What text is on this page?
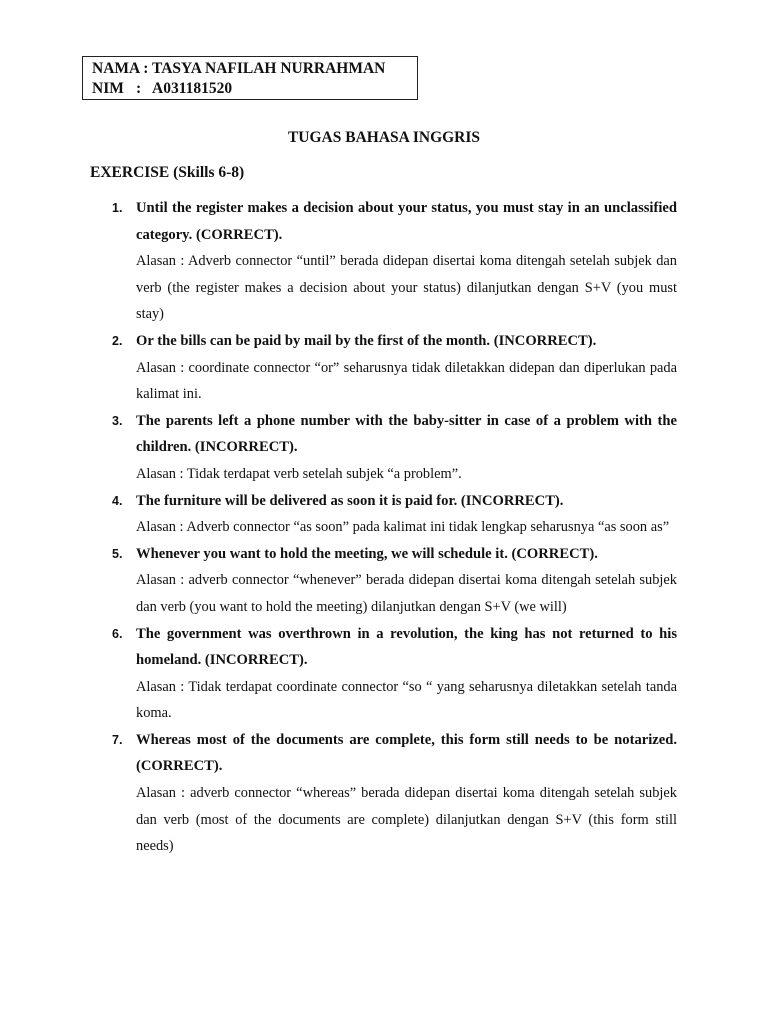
NAMA : TASYA NAFILAH NURRAHMAN
NIM : A031181520
TUGAS BAHASA INGGRIS
EXERCISE (Skills 6-8)
1. Until the register makes a decision about your status, you must stay in an unclassified category. (CORRECT).
Alasan : Adverb connector “until” berada didepan disertai koma ditengah setelah subjek dan verb (the register makes a decision about your status) dilanjutkan dengan S+V (you must stay)
2. Or the bills can be paid by mail by the first of the month. (INCORRECT).
Alasan : coordinate connector “or” seharusnya tidak diletakkan didepan dan diperlukan pada kalimat ini.
3. The parents left a phone number with the baby-sitter in case of a problem with the children. (INCORRECT).
Alasan : Tidak terdapat verb setelah subjek “a problem”.
4. The furniture will be delivered as soon it is paid for. (INCORRECT).
Alasan : Adverb connector “as soon” pada kalimat ini tidak lengkap seharusnya “as soon as”
5. Whenever you want to hold the meeting, we will schedule it. (CORRECT).
Alasan : adverb connector “whenever” berada didepan disertai koma ditengah setelah subjek dan verb (you want to hold the meeting) dilanjutkan dengan S+V (we will)
6. The government was overthrown in a revolution, the king has not returned to his homeland. (INCORRECT).
Alasan : Tidak terdapat coordinate connector “so “ yang seharusnya diletakkan setelah tanda koma.
7. Whereas most of the documents are complete, this form still needs to be notarized. (CORRECT).
Alasan : adverb connector “whereas” berada didepan disertai koma ditengah setelah subjek dan verb (most of the documents are complete) dilanjutkan dengan S+V (this form still needs)
